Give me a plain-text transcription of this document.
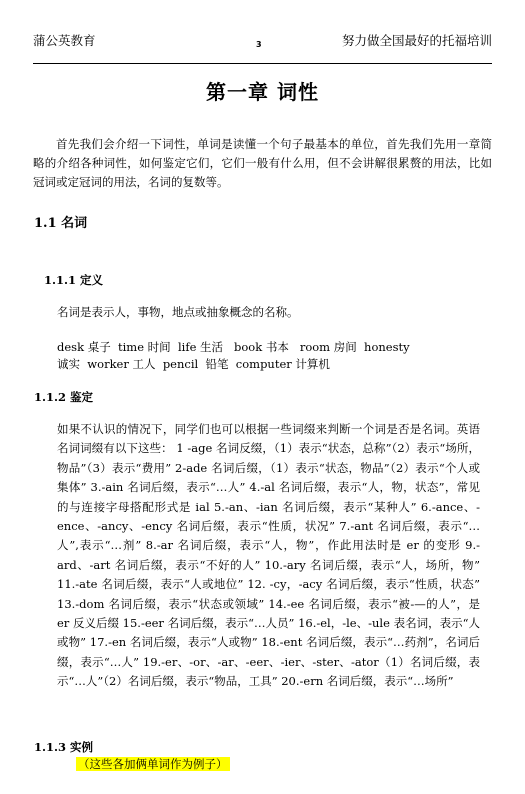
蒲公英教育	3	努力做全国最好的托福培训
第一章 词性
首先我们会介绍一下词性，单词是读懂一个句子最基本的单位，首先我们先用一章简略的介绍各种词性，如何鉴定它们，它们一般有什么用，但不会讲解很累赘的用法，比如冠词或定冠词的用法，名词的复数等。
1.1 名词
1.1.1 定义
名词是表示人，事物，地点或抽象概念的名称。
desk 桌子  time 时间  life 生活   book 书本   room 房间  honesty
诚实  worker 工人  pencil  铅笔  computer 计算机
1.1.2 鉴定
如果不认识的情况下，同学们也可以根据一些词缀来判断一个词是否是名词。英语名词词缀有以下这些： 1 -age 名词反缀，（1）表示“状态，总称”（2）表示“场所，物品”（3）表示“费用” 2-ade 名词后缀，（1）表示“状态，物品”（2）表示“个人或集体” 3.-ain 名词后缀，表示“…人” 4.-al 名词后缀，表示“人，物，状态”，常见的与连接字母搭配形式是 ial 5.-an、-ian 名词后缀，表示“某种人” 6.-ance、-ence、-ancy、-ency 名词后缀，表示“性质，状况” 7.-ant 名词后缀，表示“…人”,表示“…剂” 8.-ar 名词后缀，表示“人，物”，作此用法时是 er 的变形 9.-ard、-art 名词后缀，表示“不好的人” 10.-ary 名词后缀，表示“人，场所，物” 11.-ate 名词后缀，表示“人或地位” 12. -cy，-acy 名词后缀，表示“性质，状态” 13.-dom 名词后缀，表示“状态或领域” 14.-ee 名词后缀，表示“被-—的人”，是 er 反义后缀 15.-eer 名词后缀，表示“…人员” 16.-el，-le、-ule 表名词，表示“人或物” 17.-en 名词后缀，表示“人或物” 18.-ent 名词后缀，表示“…药剂”，名词后缀，表示“…人” 19.-er、-or、-ar、-eer、-ier、-ster、-ator（1）名词后缀，表示“…人”（2）名词后缀，表示“物品，工具” 20.-ern 名词后缀，表示“…场所”
1.1.3 实例
（这些各加俩单词作为例子）
